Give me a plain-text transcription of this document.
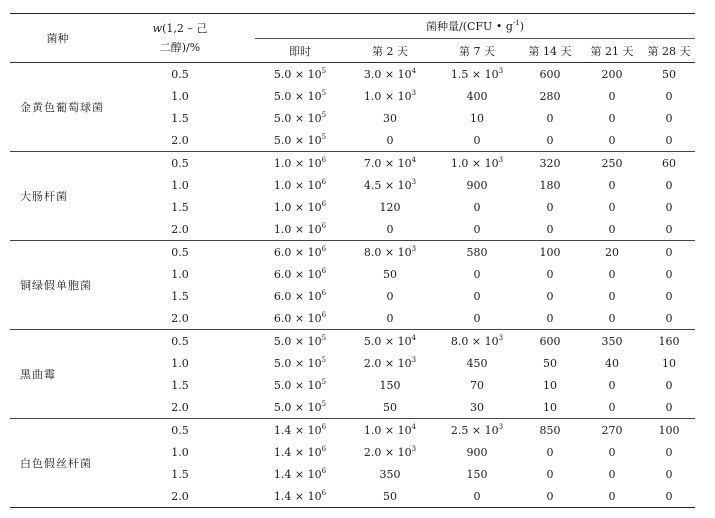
菌种	w(1,2 – 己
二醇)/%	菌种量/(CFU • $g^{-1}$)					
		即时	第 2 天	第 7 天	第 14 天	第 21 天	第 28 天
金黄色葡萄球菌	0.5	$5.0 \times 10^5$	$3.0 \times 10^4$	$1.5 \times 10^3$	600	200	50
	1.0	$5.0 \times 10^5$	$1.0 \times 10^3$	400	280	0	0
	1.5	$5.0 \times 10^5$	30	10	0	0	0
	2.0	$5.0 \times 10^5$	0	0	0	0	0
大肠杆菌	0.5	$1.0 \times 10^6$	$7.0 \times 10^4$	$1.0 \times 10^3$	320	250	60
	1.0	$1.0 \times 10^6$	$4.5 \times 10^3$	900	180	0	0
	1.5	$1.0 \times 10^6$	120	0	0	0	0
	2.0	$1.0 \times 10^6$	0	0	0	0	0
铜绿假单胞菌	0.5	$6.0 \times 10^6$	$8.0 \times 10^3$	580	100	20	0
	1.0	$6.0 \times 10^6$	50	0	0	0	0
	1.5	$6.0 \times 10^6$	0	0	0	0	0
	2.0	$6.0 \times 10^6$	0	0	0	0	0
黑曲霉	0.5	$5.0 \times 10^5$	$5.0 \times 10^4$	$8.0 \times 10^3$	600	350	160
	1.0	$5.0 \times 10^5$	$2.0 \times 10^3$	450	50	40	10
	1.5	$5.0 \times 10^5$	150	70	10	0	0
	2.0	$5.0 \times 10^5$	50	30	10	0	0
白色假丝杆菌	0.5	$1.4 \times 10^6$	$1.0 \times 10^4$	$2.5 \times 10^3$	850	270	100
	1.0	$1.4 \times 10^6$	$2.0 \times 10^3$	900	0	0	0
	1.5	$1.4 \times 10^6$	350	150	0	0	0
	2.0	$1.4 \times 10^6$	50	0	0	0	0
